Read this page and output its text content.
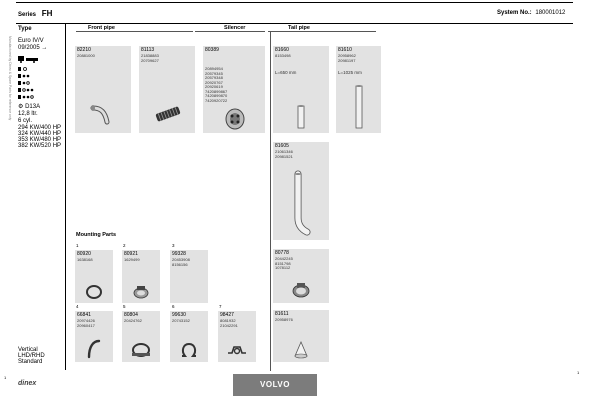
Series FH	System No.: 180001012
Type
Manufactured by Dinex & Spare Parts for reference only Euro IV/V
09/2005 →
⚙ D13A
12,8 ltr.
6 cyl.
294 KW/400 HP
324 KW/440 HP
353 KW/480 HP
382 KW/520 HP
Vertical
LHD/RHD
Standard
Front pipe	Silencer	Tail pipe
Mounting Parts
82210
20881000
81113
21838883
20709627
80389
20894954
20579345
20579348
20920767
20920619
7420899867
7420899870
7420920722
81660
8153498
L=650 mm
81610
20958962
20981197
L=1025 mm
81605
21061346
20981521
80778
20442245
8151798
1078112
81611
20958976
1
80920
1638168
2
80921
1629499
3
99328
20453908
8156156
4
66841
20974426
20960417
5
80804
20424762
6
99630
20743152
7
98427
8081932
21042291
dinex
1
1
VOLVO
